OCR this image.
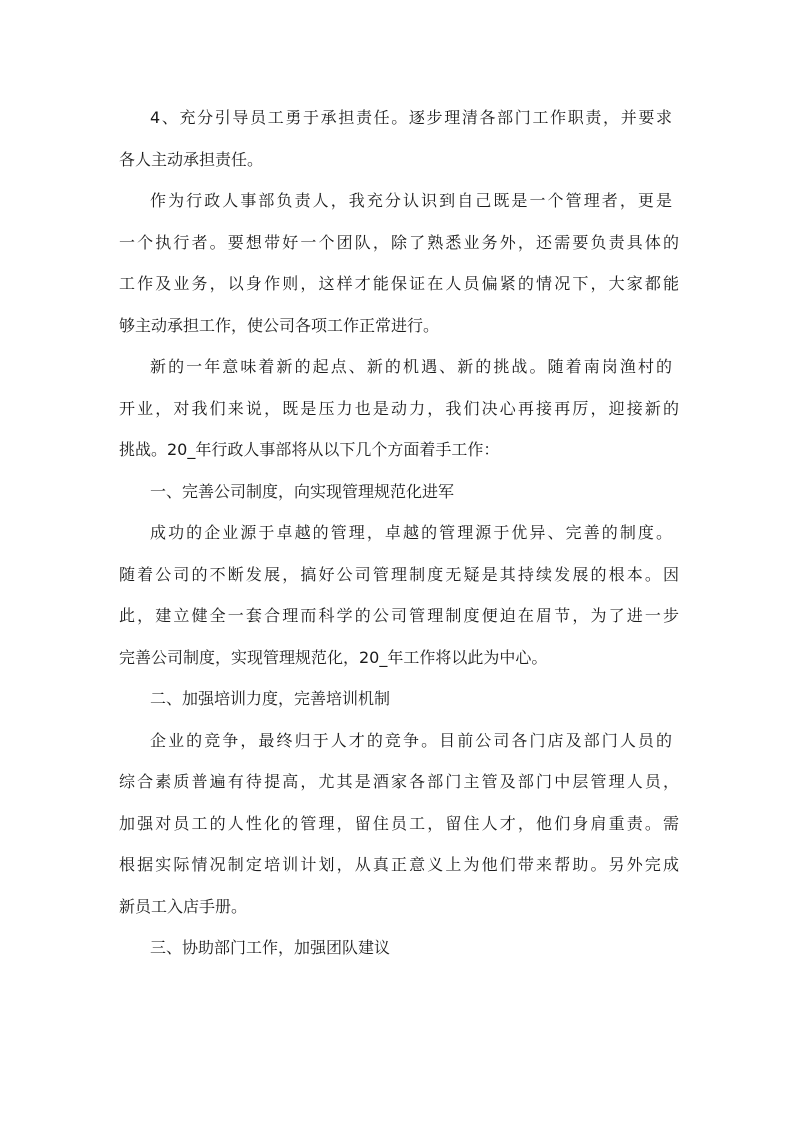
4、充分引导员工勇于承担责任。逐步理清各部门工作职责，并要求
各人主动承担责任。
作为行政人事部负责人，我充分认识到自己既是一个管理者，更是
一个执行者。要想带好一个团队，除了熟悉业务外，还需要负责具体的
工作及业务，以身作则，这样才能保证在人员偏紧的情况下，大家都能
够主动承担工作，使公司各项工作正常进行。
新的一年意味着新的起点、新的机遇、新的挑战。随着南岗渔村的
开业，对我们来说，既是压力也是动力，我们决心再接再厉，迎接新的
挑战。20_年行政人事部将从以下几个方面着手工作：
一、完善公司制度，向实现管理规范化进军
成功的企业源于卓越的管理，卓越的管理源于优异、完善的制度。
随着公司的不断发展，搞好公司管理制度无疑是其持续发展的根本。因
此，建立健全一套合理而科学的公司管理制度便迫在眉节，为了进一步
完善公司制度，实现管理规范化，20_年工作将以此为中心。
二、加强培训力度，完善培训机制
企业的竞争，最终归于人才的竞争。目前公司各门店及部门人员的
综合素质普遍有待提高，尤其是酒家各部门主管及部门中层管理人员，
加强对员工的人性化的管理，留住员工，留住人才，他们身肩重责。需
根据实际情况制定培训计划，从真正意义上为他们带来帮助。另外完成
新员工入店手册。
三、协助部门工作，加强团队建议
